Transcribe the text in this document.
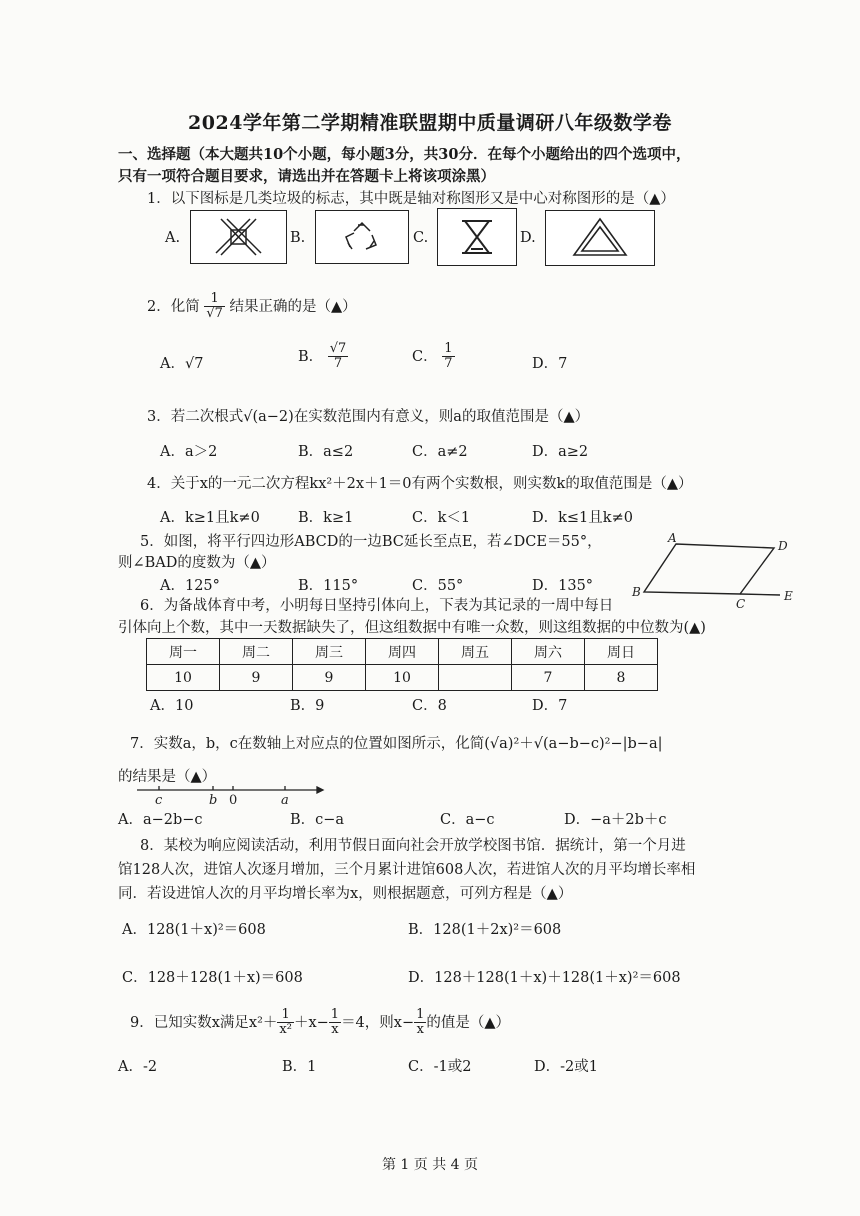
2024学年第二学期精准联盟期中质量调研八年级数学卷
一、选择题（本大题共10个小题，每小题3分，共30分．在每个小题给出的四个选项中，
只有一项符合题目要求，请选出并在答题卡上将该项涂黑）
1．以下图标是几类垃圾的标志，其中既是轴对称图形又是中心对称图形的是（▲）
A.	B.	C.	D.
2．化简 $\frac{1}{√7}$ 结果正确的是（▲）
A．√7	B． $\frac{√7}{7}$	C． $\frac{1}{7}$	D．7
3．若二次根式√(a−2)在实数范围内有意义，则a的取值范围是（▲）
A．a＞2	B．a≤2	C．a≠2	D．a≥2
4．关于x的一元二次方程kx²＋2x＋1＝0有两个实数根，则实数k的取值范围是（▲）
A．k≥1且k≠0	B．k≥1	C．k＜1	D．k≤1且k≠0
5．如图，将平行四边形ABCD的一边BC延长至点E，若∠DCE＝55°，
则∠BAD的度数为（▲）
A．125°	B．115°	C．55°	D．135°
A
D
B
C
E
6．为备战体育中考，小明每日坚持引体向上，下表为其记录的一周中每日
引体向上个数，其中一天数据缺失了，但这组数据中有唯一众数，则这组数据的中位数为(▲)
周一	周二	周三	周四	周五	周六	周日
10	9	9	10		7	8
A．10	B．9	C．8	D．7
7．实数a，b，c在数轴上对应点的位置如图所示，化简(√a)²＋√(a−b−c)²−|b−a|
的结果是（▲）
c	b 0	a
A．a−2b−c	B．c−a	C．a−c	D．−a＋2b＋c
8．某校为响应阅读活动，利用节假日面向社会开放学校图书馆．据统计，第一个月进
馆128人次，进馆人次逐月增加，三个月累计进馆608人次，若进馆人次的月平均增长率相
同．若设进馆人次的月平均增长率为x，则根据题意，可列方程是（▲）
A．128(1＋x)²＝608	B．128(1＋2x)²＝608
C．128＋128(1＋x)＝608	D．128＋128(1＋x)＋128(1＋x)²＝608
9．已知实数x满足$x^2+ \frac{1}{\text{x²}} +x- \frac{1}{x} =4$，则$x- \frac{1}{x}$ 的值是（▲）
A．-2	B．1	C．-1或2	D．-2或1
第 1 页 共 4 页
